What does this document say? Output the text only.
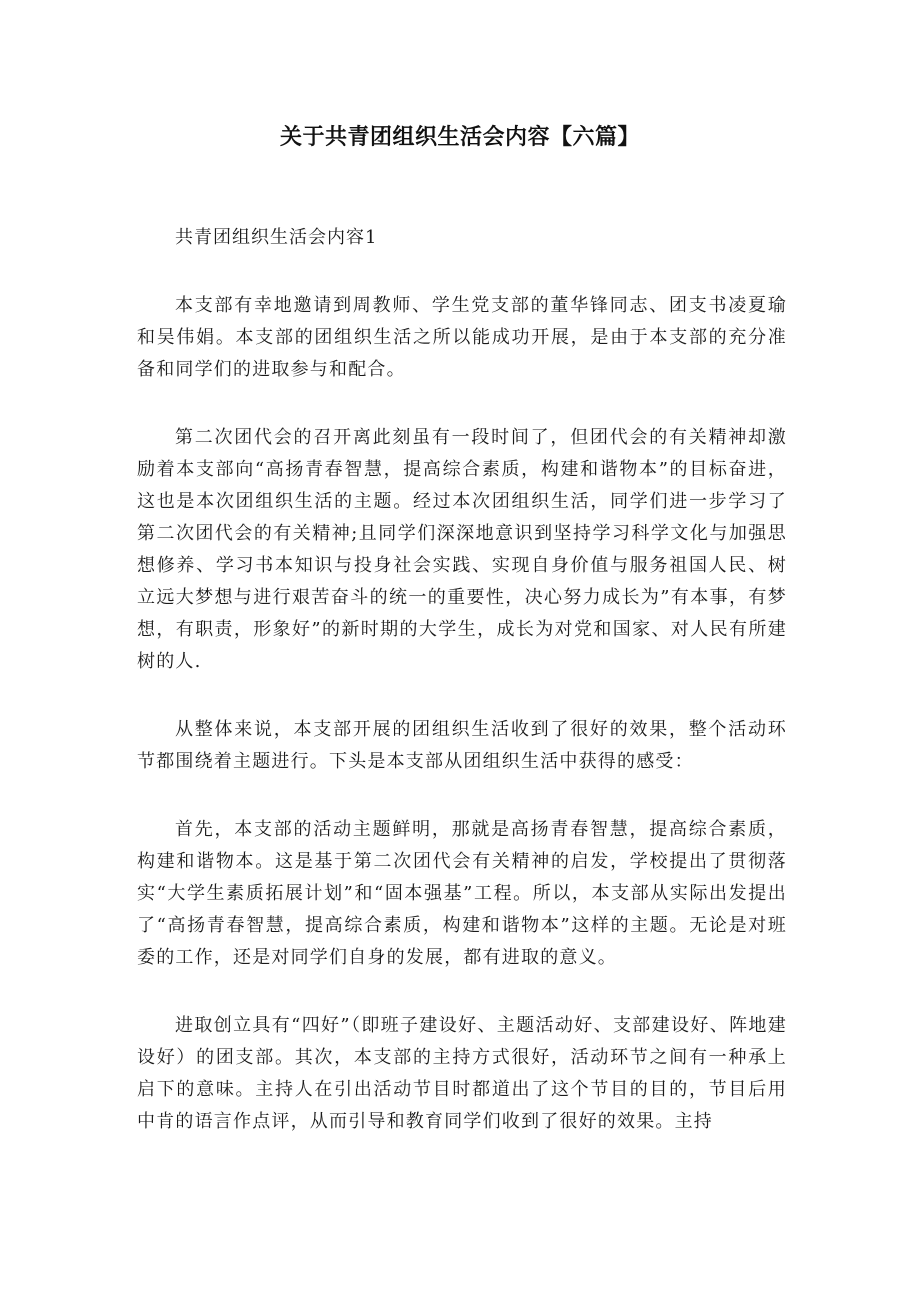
关于共青团组织生活会内容【六篇】

共青团组织生活会内容1

本支部有幸地邀请到周教师、学生党支部的董华锋同志、团支书凌夏瑜和吴伟娟。本支部的团组织生活之所以能成功开展，是由于本支部的充分准备和同学们的进取参与和配合。

第二次团代会的召开离此刻虽有一段时间了，但团代会的有关精神却激励着本支部向“高扬青春智慧，提高综合素质，构建和谐物本”的目标奋进，这也是本次团组织生活的主题。经过本次团组织生活，同学们进一步学习了第二次团代会的有关精神;且同学们深深地意识到坚持学习科学文化与加强思想修养、学习书本知识与投身社会实践、实现自身价值与服务祖国人民、树立远大梦想与进行艰苦奋斗的统一的重要性，决心努力成长为”有本事，有梦想，有职责，形象好”的新时期的大学生，成长为对党和国家、对人民有所建树的人.

从整体来说，本支部开展的团组织生活收到了很好的效果，整个活动环节都围绕着主题进行。下头是本支部从团组织生活中获得的感受：

首先，本支部的活动主题鲜明，那就是高扬青春智慧，提高综合素质，构建和谐物本。这是基于第二次团代会有关精神的启发，学校提出了贯彻落实“大学生素质拓展计划”和“固本强基”工程。所以，本支部从实际出发提出了“高扬青春智慧，提高综合素质，构建和谐物本”这样的主题。无论是对班委的工作，还是对同学们自身的发展，都有进取的意义。

进取创立具有“四好”（即班子建设好、主题活动好、支部建设好、阵地建设好）的团支部。其次，本支部的主持方式很好，活动环节之间有一种承上启下的意味。主持人在引出活动节目时都道出了这个节目的目的，节目后用中肯的语言作点评，从而引导和教育同学们收到了很好的效果。主持
